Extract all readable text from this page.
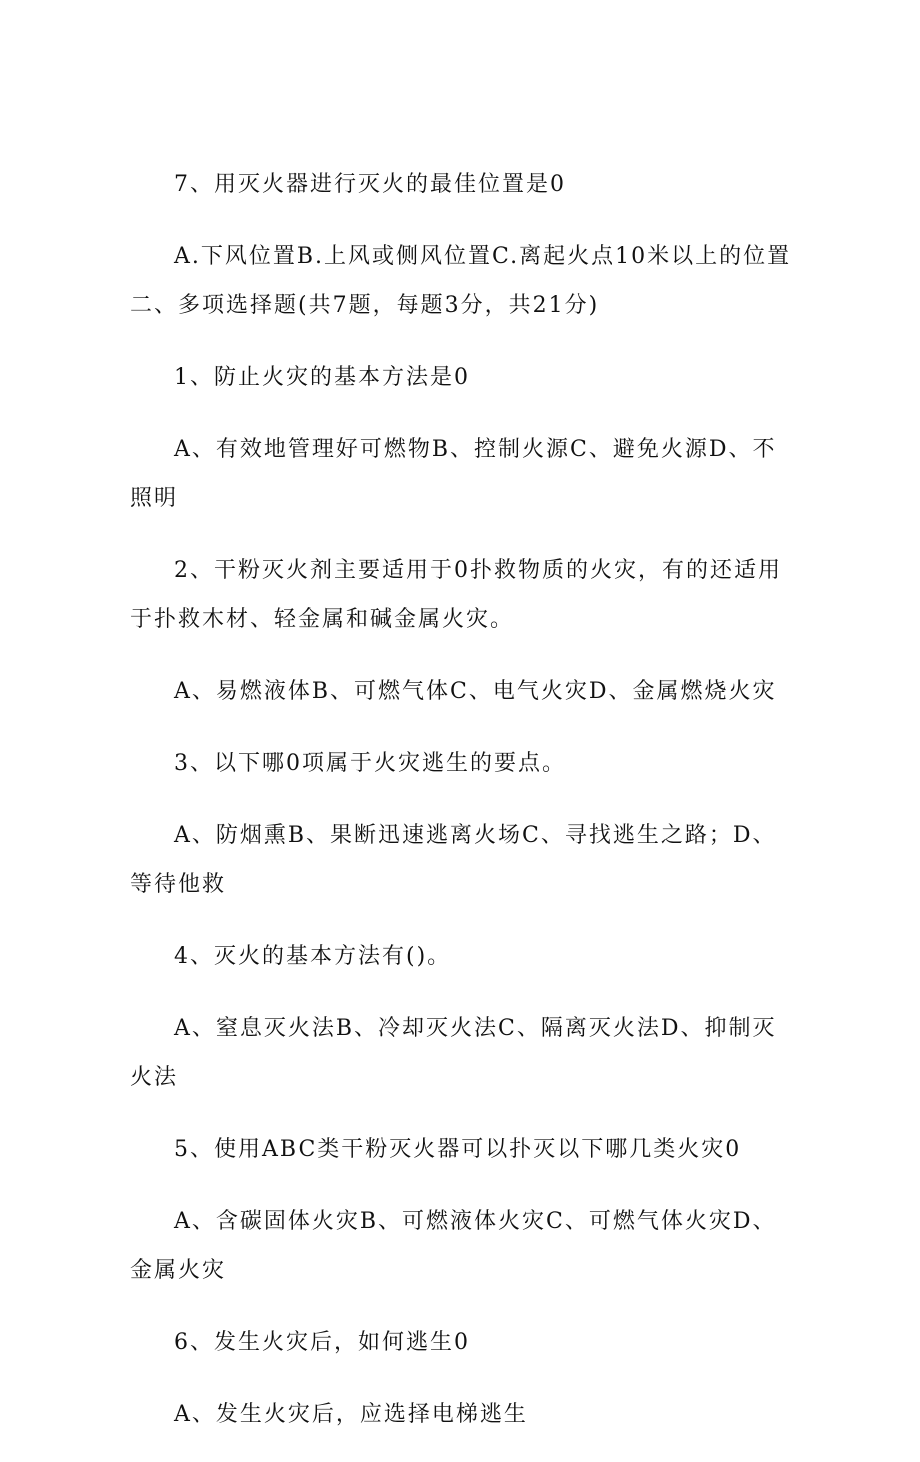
7、用灭火器进行灭火的最佳位置是0

A.下风位置B.上风或侧风位置C.离起火点10米以上的位置二、多项选择题(共7题，每题3分，共21分)

1、防止火灾的基本方法是0

A、有效地管理好可燃物B、控制火源C、避免火源D、不照明

2、干粉灭火剂主要适用于0扑救物质的火灾，有的还适用于扑救木材、轻金属和碱金属火灾。

A、易燃液体B、可燃气体C、电气火灾D、金属燃烧火灾

3、以下哪0项属于火灾逃生的要点。

A、防烟熏B、果断迅速逃离火场C、寻找逃生之路；D、等待他救

4、灭火的基本方法有()。

A、窒息灭火法B、冷却灭火法C、隔离灭火法D、抑制灭火法

5、使用ABC类干粉灭火器可以扑灭以下哪几类火灾0

A、含碳固体火灾B、可燃液体火灾C、可燃气体火灾D、金属火灾

6、发生火灾后，如何逃生0

A、发生火灾后，应选择电梯逃生
